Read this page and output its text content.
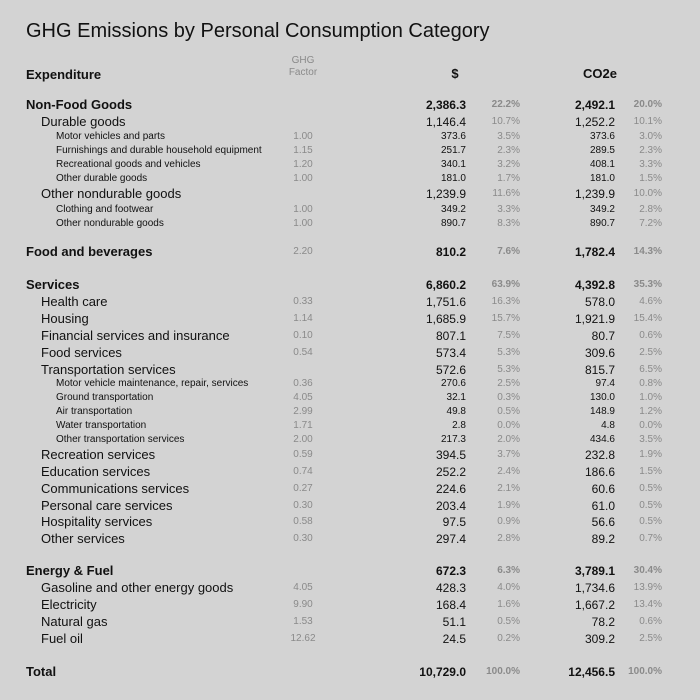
GHG Emissions by Personal Consumption Category
Expenditure
GHG
Factor	$	CO2e
Non-Food Goods	2,386.3	22.2%	2,492.1 20.0%
Durable goods	1,146.4	10.7%	1,252.2 10.1%
Motor vehicles and parts	1.00	373.6	3.5%	373.6 3.0%
Furnishings and durable household equipment	1.15	251.7	2.3%	289.5 2.3%
Recreational goods and vehicles	1.20	340.1	3.2%	408.1 3.3%
Other durable goods	1.00	181.0	1.7%	181.0 1.5%
Other nondurable goods	1,239.9	11.6%	1,239.9 10.0%
Clothing and footwear	1.00	349.2	3.3%	349.2 2.8%
Other nondurable goods	1.00	890.7	8.3%	890.7 7.2%
Food and beverages	2.20	810.2	7.6%	1,782.4 14.3%
Services	6,860.2	63.9%	4,392.8 35.3%
Health care	0.33	1,751.6	16.3%	578.0 4.6%
Housing	1.14	1,685.9	15.7%	1,921.9 15.4%
Financial services and insurance	0.10	807.1	7.5%	80.7 0.6%
Food services	0.54	573.4	5.3%	309.6 2.5%
Transportation services	572.6	5.3%	815.7 6.5%
Motor vehicle maintenance, repair, services	0.36	270.6	2.5%	97.4 0.8%
Ground transportation	4.05	32.1	0.3%	130.0 1.0%
Air transportation	2.99	49.8	0.5%	148.9 1.2%
Water transportation	1.71	2.8	0.0%	4.8 0.0%
Other transportation services	2.00	217.3	2.0%	434.6 3.5%
Recreation services	0.59	394.5	3.7%	232.8 1.9%
Education services	0.74	252.2	2.4%	186.6 1.5%
Communications services	0.27	224.6	2.1%	60.6 0.5%
Personal care services	0.30	203.4	1.9%	61.0 0.5%
Hospitality services	0.58	97.5	0.9%	56.6 0.5%
Other services	0.30	297.4	2.8%	89.2 0.7%
Energy & Fuel	672.3	6.3%	3,789.1 30.4%
Gasoline and other energy goods	4.05	428.3	4.0%	1,734.6 13.9%
Electricity	9.90	168.4	1.6%	1,667.2 13.4%
Natural gas	1.53	51.1	0.5%	78.2 0.6%
Fuel oil	12.62	24.5	0.2%	309.2 2.5%
Total	10,729.0 100.0%	12,456.5 100.0%
